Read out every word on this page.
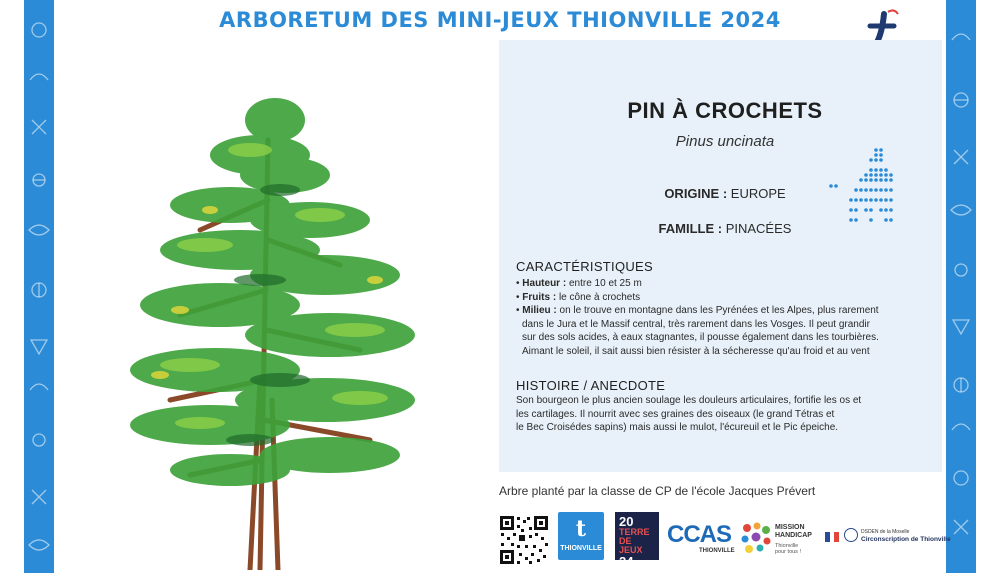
ARBORETUM DES MINI-JEUX THIONVILLE 2024
PIN À CROCHETS
Pinus uncinata
ORIGINE : EUROPE
FAMILLE : PINACÉES
CARACTÉRISTIQUES
• Hauteur : entre 10 et 25 m
• Fruits : le cône à crochets
• Milieu : on le trouve en montagne dans les Pyrénées et les Alpes, plus rarement
dans le Jura et le Massif central, très rarement dans les Vosges. Il peut grandir
sur des sols acides, à eaux stagnantes, il pousse également dans les tourbières.
Aimant le soleil, il sait aussi bien résister à la sécheresse qu'au froid et au vent
HISTOIRE / ANECDOTE
Son bourgeon le plus ancien soulage les douleurs articulaires, fortifie les os et
les cartilages. Il nourrit avec ses graines des oiseaux (le grand Tétras et
le Bec Croisédes sapins) mais aussi le mulot, l'écureuil et le Pic épeiche.
Arbre planté par la classe de CP de l'école Jacques Prévert
t
THIONVILLE
20
TERRE
DE JEUX
24
CCAS
THIONVILLE
MISSION
HANDICAP
Thionville
pour tous !
DSDEN de la Moselle
Circonscription de Thionville
